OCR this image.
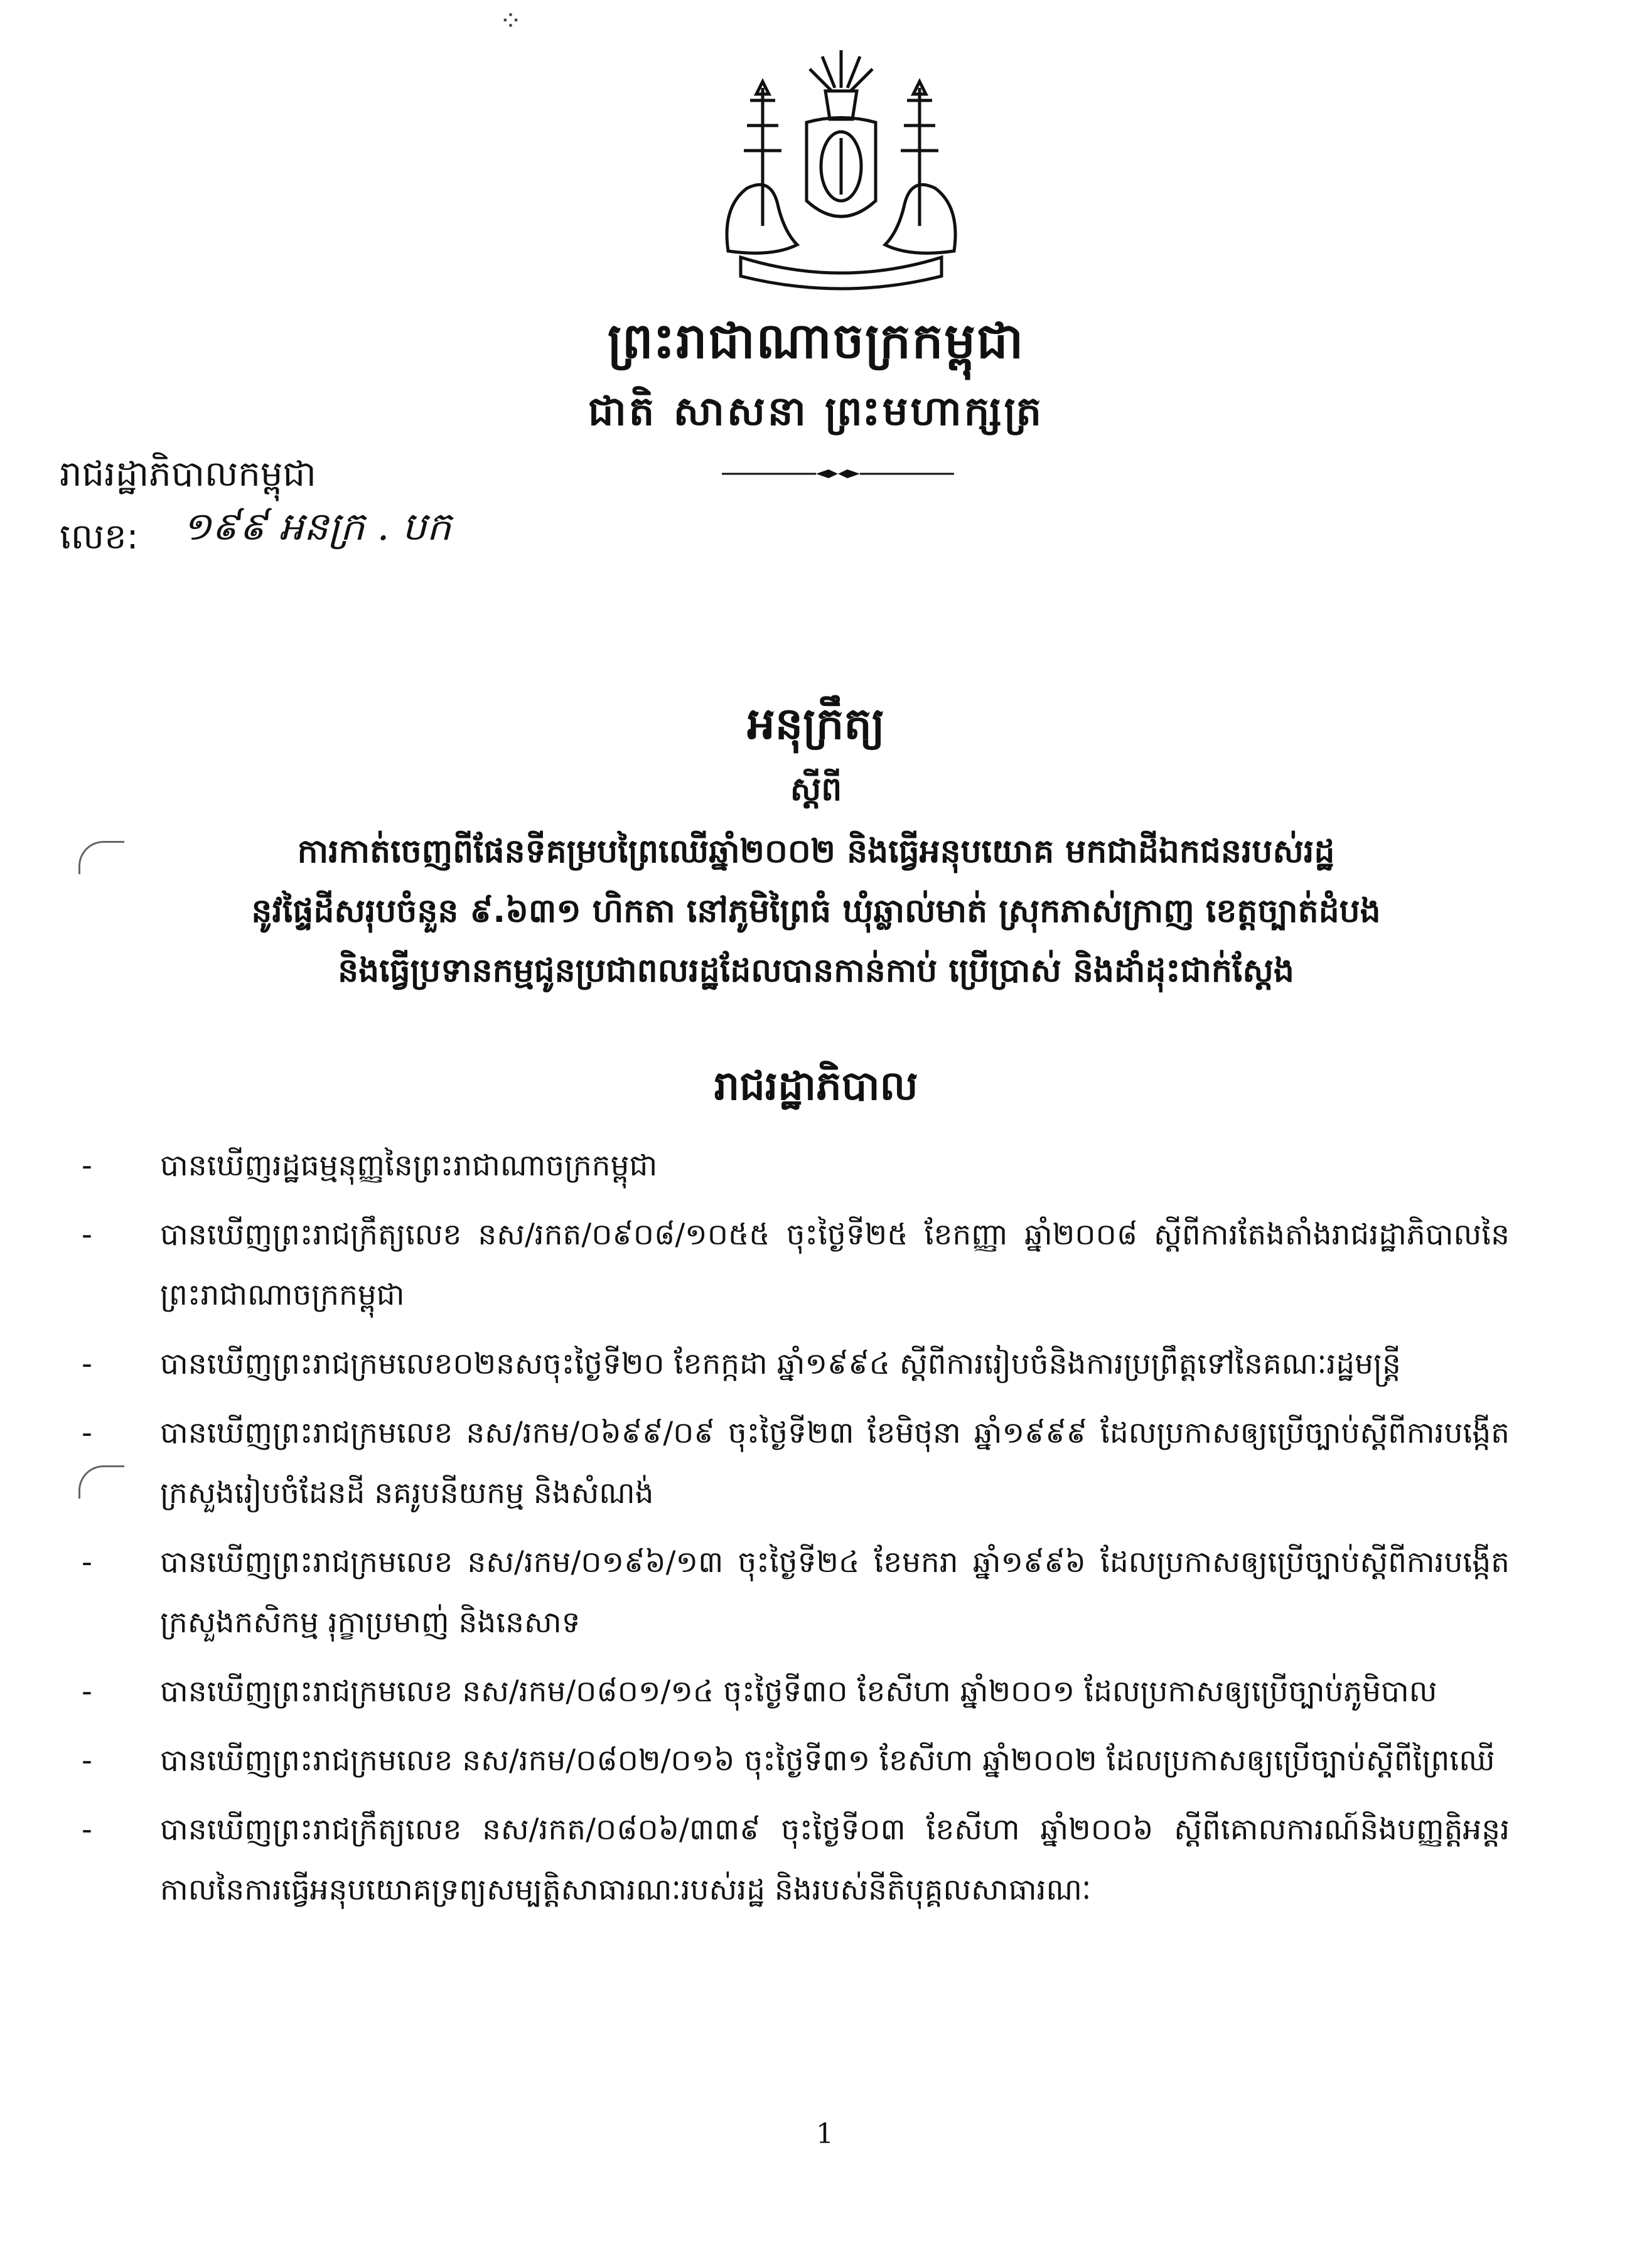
⁘
ព្រះរាជាណាចក្រកម្ពុជា
ជាតិ សាសនា ព្រះមហាក្សត្រ
រាជរដ្ឋាភិបាលកម្ពុជា
លេខ: ១៩៩ អនក្រ . បក
អនុក្រឹត្យ
ស្តីពី
ការកាត់ចេញពីផែនទីគម្របព្រៃឈើឆ្នាំ២០០២ និងធ្វើអនុបយោគ មកជាដីឯកជនរបស់រដ្ឋ
នូវផ្ទៃដីសរុបចំនួន ៩.៦៣១ ហិកតា នៅភូមិព្រៃធំ ឃុំឆ្លាល់មាត់ ស្រុកភាស់ក្រាញ ខេត្តច្បាត់ដំបង
និងធ្វើប្រទានកម្មជូនប្រជាពលរដ្ឋដែលបានកាន់កាប់ ប្រើប្រាស់ និងដាំដុះជាក់ស្តែង
រាជរដ្ឋាភិបាល
- បានឃើញរដ្ឋធម្មនុញ្ញនៃព្រះរាជាណាចក្រកម្ពុជា
- បានឃើញព្រះរាជក្រឹត្យលេខ នស/រកត/០៩០៨/១០៥៥ ចុះថ្ងៃទី២៥ ខែកញ្ញា ឆ្នាំ២០០៨ ស្តីពីការតែងតាំងរាជរដ្ឋាភិបាលនៃព្រះរាជាណាចក្រកម្ពុជា
- បានឃើញព្រះរាជក្រមលេខ០២នសចុះថ្ងៃទី២០ ខែកក្កដា ឆ្នាំ១៩៩៤ ស្តីពីការរៀបចំនិងការប្រព្រឹត្តទៅនៃគណៈរដ្ឋមន្ត្រី
- បានឃើញព្រះរាជក្រមលេខ នស/រកម/០៦៩៩/០៩ ចុះថ្ងៃទី២៣ ខែមិថុនា ឆ្នាំ១៩៩៩ ដែលប្រកាសឲ្យប្រើច្បាប់ស្តីពីការបង្កើតក្រសួងរៀបចំដែនដី នគរូបនីយកម្ម និងសំណង់
- បានឃើញព្រះរាជក្រមលេខ នស/រកម/០១៩៦/១៣ ចុះថ្ងៃទី២៤ ខែមករា ឆ្នាំ១៩៩៦ ដែលប្រកាសឲ្យប្រើច្បាប់ស្តីពីការបង្កើតក្រសួងកសិកម្ម រុក្ខាប្រមាញ់ និងនេសាទ
- បានឃើញព្រះរាជក្រមលេខ នស/រកម/០៨០១/១៤ ចុះថ្ងៃទី៣០ ខែសីហា ឆ្នាំ២០០១ ដែលប្រកាសឲ្យប្រើច្បាប់ភូមិបាល
- បានឃើញព្រះរាជក្រមលេខ នស/រកម/០៨០២/០១៦ ចុះថ្ងៃទី៣១ ខែសីហា ឆ្នាំ២០០២ ដែលប្រកាសឲ្យប្រើច្បាប់ស្តីពីព្រៃឈើ
- បានឃើញព្រះរាជក្រឹត្យលេខ នស/រកត/០៨០៦/៣៣៩ ចុះថ្ងៃទី០៣ ខែសីហា ឆ្នាំ២០០៦ ស្តីពីគោលការណ៍និងបញ្ញត្តិអន្តរកាលនៃការធ្វើអនុបយោគទ្រព្យសម្បត្តិសាធារណៈរបស់រដ្ឋ និងរបស់នីតិបុគ្គលសាធារណៈ
1
